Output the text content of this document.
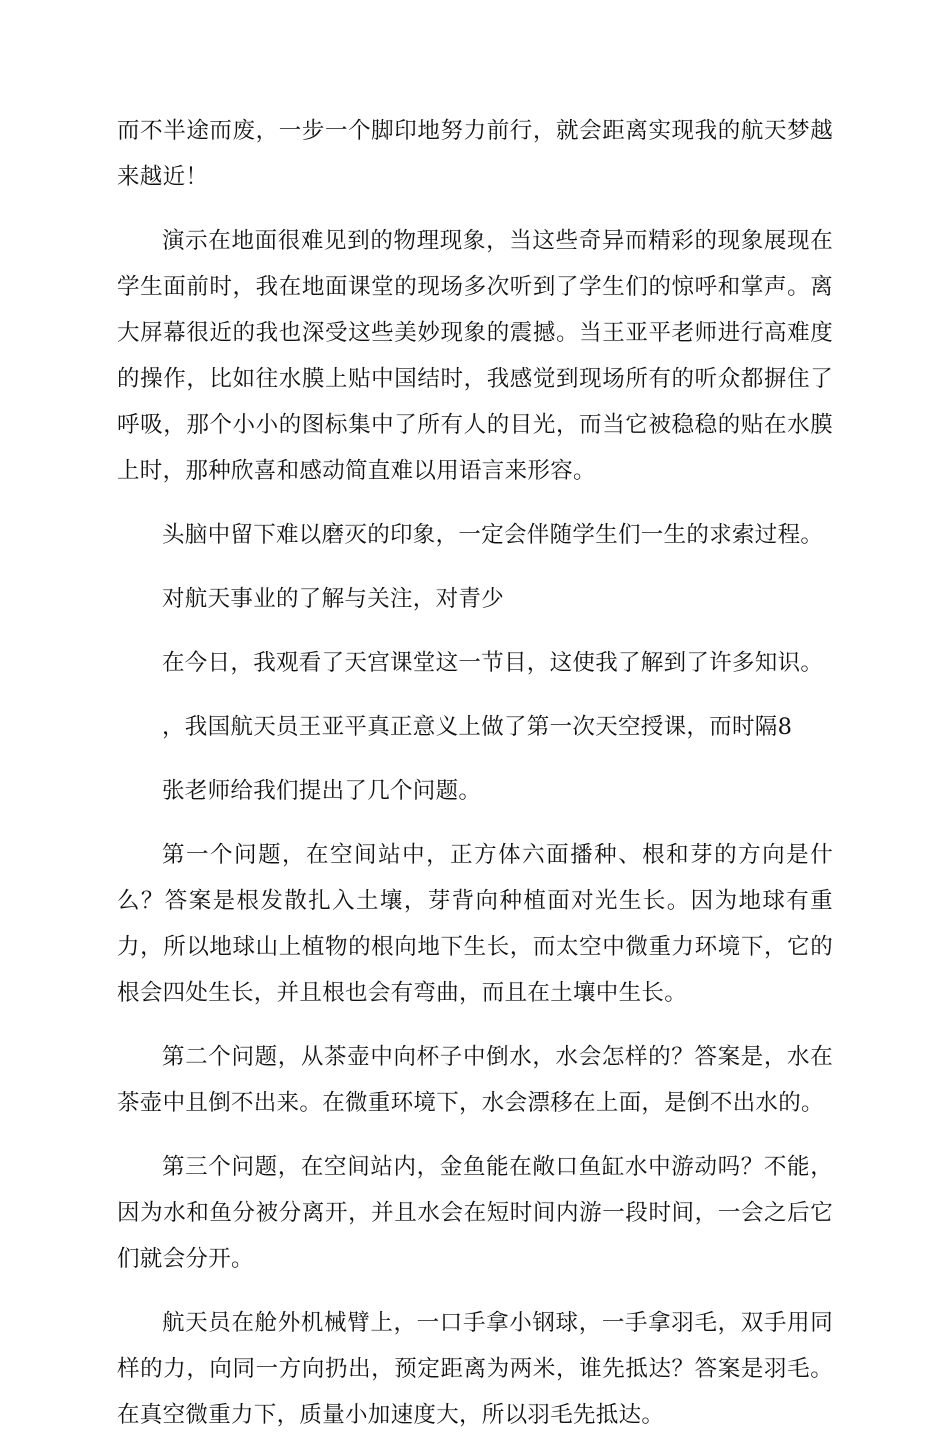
而不半途而废，一步一个脚印地努力前行，就会距离实现我的航天梦越来越近！

演示在地面很难见到的物理现象，当这些奇异而精彩的现象展现在学生面前时，我在地面课堂的现场多次听到了学生们的惊呼和掌声。离大屏幕很近的我也深受这些美妙现象的震撼。当王亚平老师进行高难度的操作，比如往水膜上贴中国结时，我感觉到现场所有的听众都摒住了呼吸，那个小小的图标集中了所有人的目光，而当它被稳稳的贴在水膜上时，那种欣喜和感动简直难以用语言来形容。

头脑中留下难以磨灭的印象，一定会伴随学生们一生的求索过程。

对航天事业的了解与关注，对青少

在今日，我观看了天宫课堂这一节目，这使我了解到了许多知识。

，我国航天员王亚平真正意义上做了第一次天空授课，而时隔8

张老师给我们提出了几个问题。

第一个问题，在空间站中，正方体六面播种、根和芽的方向是什么？答案是根发散扎入土壤，芽背向种植面对光生长。因为地球有重力，所以地球山上植物的根向地下生长，而太空中微重力环境下，它的根会四处生长，并且根也会有弯曲，而且在土壤中生长。

第二个问题，从茶壶中向杯子中倒水，水会怎样的？答案是，水在茶壶中且倒不出来。在微重环境下，水会漂移在上面，是倒不出水的。

第三个问题，在空间站内，金鱼能在敞口鱼缸水中游动吗？不能，因为水和鱼分被分离开，并且水会在短时间内游一段时间，一会之后它们就会分开。

航天员在舱外机械臂上，一口手拿小钢球，一手拿羽毛，双手用同样的力，向同一方向扔出，预定距离为两米，谁先抵达？答案是羽毛。在真空微重力下，质量小加速度大，所以羽毛先抵达。
